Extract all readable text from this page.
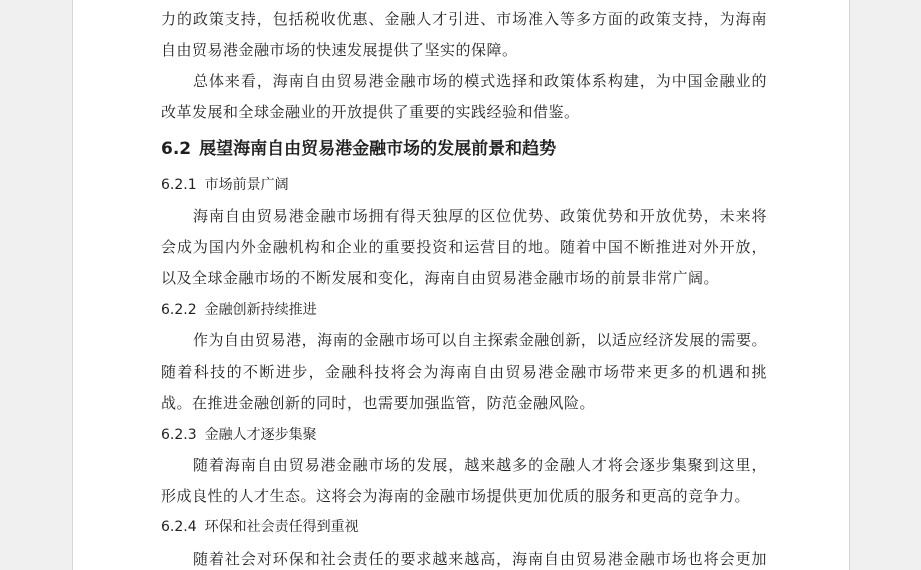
力的政策支持，包括税收优惠、金融人才引进、市场准入等多方面的政策支持，为海南
自由贸易港金融市场的快速发展提供了坚实的保障。
总体来看，海南自由贸易港金融市场的模式选择和政策体系构建，为中国金融业的
改革发展和全球金融业的开放提供了重要的实践经验和借鉴。
6.2 展望海南自由贸易港金融市场的发展前景和趋势
6.2.1 市场前景广阔
海南自由贸易港金融市场拥有得天独厚的区位优势、政策优势和开放优势，未来将
会成为国内外金融机构和企业的重要投资和运营目的地。随着中国不断推进对外开放，
以及全球金融市场的不断发展和变化，海南自由贸易港金融市场的前景非常广阔。
6.2.2 金融创新持续推进
作为自由贸易港，海南的金融市场可以自主探索金融创新，以适应经济发展的需要。
随着科技的不断进步，金融科技将会为海南自由贸易港金融市场带来更多的机遇和挑
战。在推进金融创新的同时，也需要加强监管，防范金融风险。
6.2.3 金融人才逐步集聚
随着海南自由贸易港金融市场的发展，越来越多的金融人才将会逐步集聚到这里，
形成良性的人才生态。这将会为海南的金融市场提供更加优质的服务和更高的竞争力。
6.2.4 环保和社会责任得到重视
随着社会对环保和社会责任的要求越来越高，海南自由贸易港金融市场也将会更加
